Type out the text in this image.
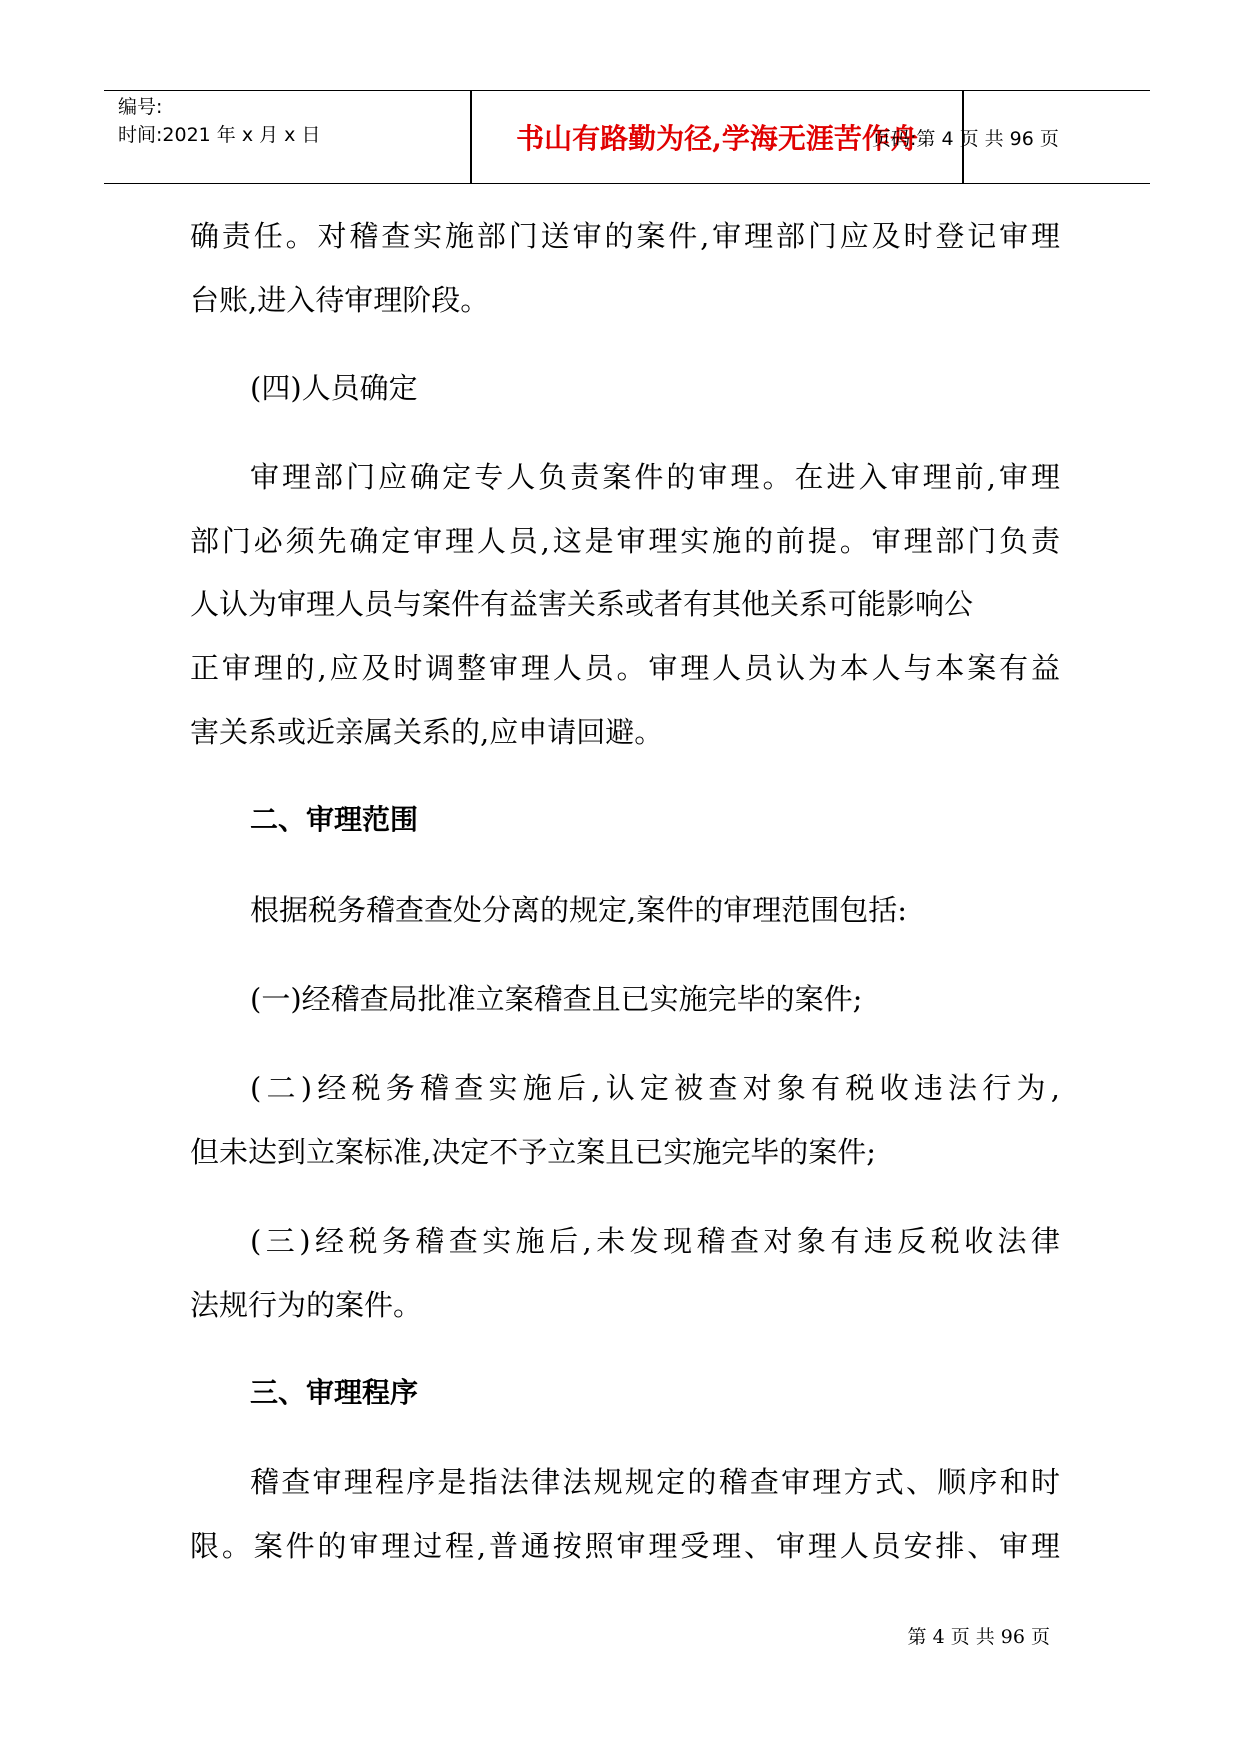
编号:
时间:2021 年 x 月 x 日	书山有路勤为径,学海无涯苦作舟
页码:第 4 页 共 96 页
确责任。对稽查实施部门送审的案件,审理部门应及时登记审理
台账,进入待审理阶段。
(四)人员确定
审理部门应确定专人负责案件的审理。在进入审理前,审理
部门必须先确定审理人员,这是审理实施的前提。审理部门负责
人认为审理人员与案件有益害关系或者有其他关系可能影响公
正审理的,应及时调整审理人员。审理人员认为本人与本案有益
害关系或近亲属关系的,应申请回避。
二、审理范围
根据税务稽查查处分离的规定,案件的审理范围包括:
(一)经稽查局批准立案稽查且已实施完毕的案件;
(二)经税务稽查实施后,认定被查对象有税收违法行为,
但未达到立案标准,决定不予立案且已实施完毕的案件;
(三)经税务稽查实施后,未发现稽查对象有违反税收法律
法规行为的案件。
三、审理程序
稽查审理程序是指法律法规规定的稽查审理方式、顺序和时
限。案件的审理过程,普通按照审理受理、审理人员安排、审理
第 4 页 共 96 页
